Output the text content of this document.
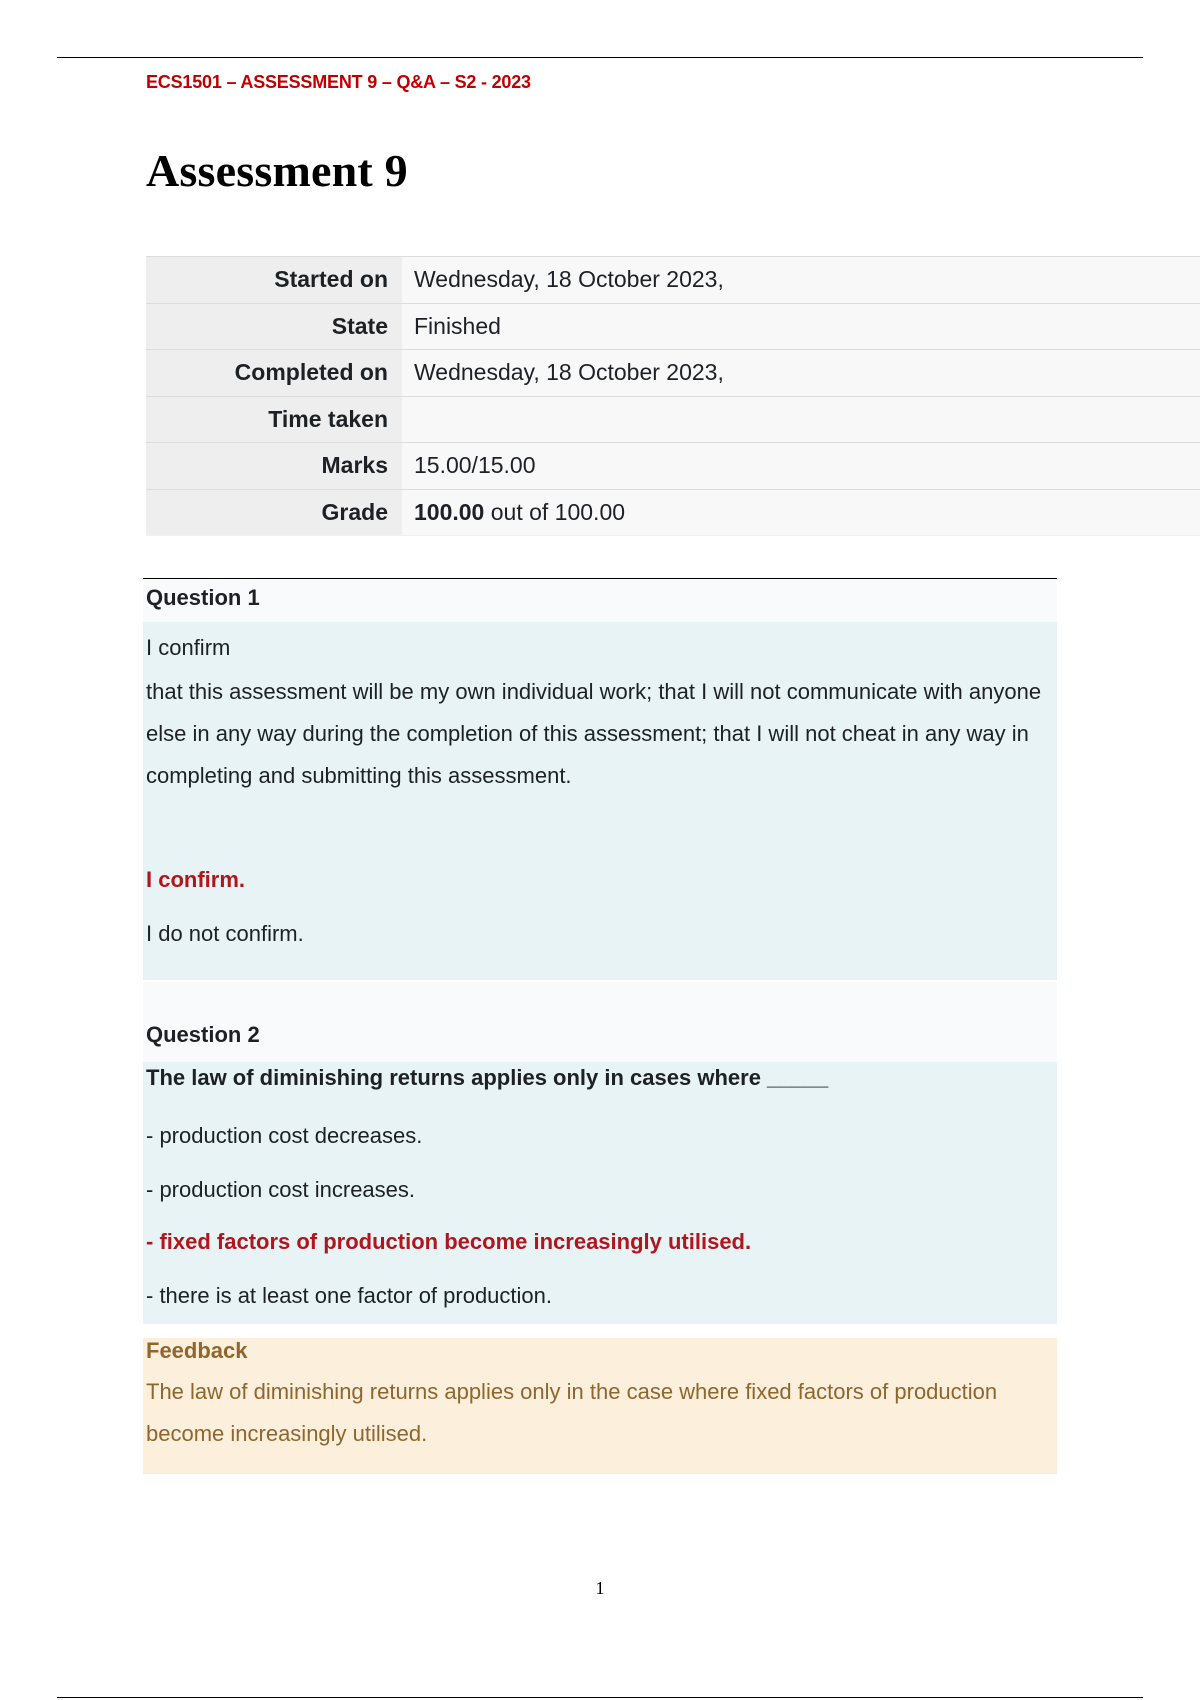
ECS1501 – ASSESSMENT 9 – Q&A – S2 - 2023
Assessment 9
Started on	Wednesday, 18 October 2023,
State	Finished
Completed on	Wednesday, 18 October 2023,
Time taken	
Marks	15.00/15.00
Grade	100.00 out of 100.00
Question 1
I confirm

that this assessment will be my own individual work; that I will not communicate with anyone else in any way during the completion of this assessment; that I will not cheat in any way in completing and submitting this assessment.

I confirm.
I do not confirm.
Question 2
The law of diminishing returns applies only in cases where _____
- production cost decreases.
- production cost increases.
- fixed factors of production become increasingly utilised.
- there is at least one factor of production.
Feedback

The law of diminishing returns applies only in the case where fixed factors of production become increasingly utilised.

1
